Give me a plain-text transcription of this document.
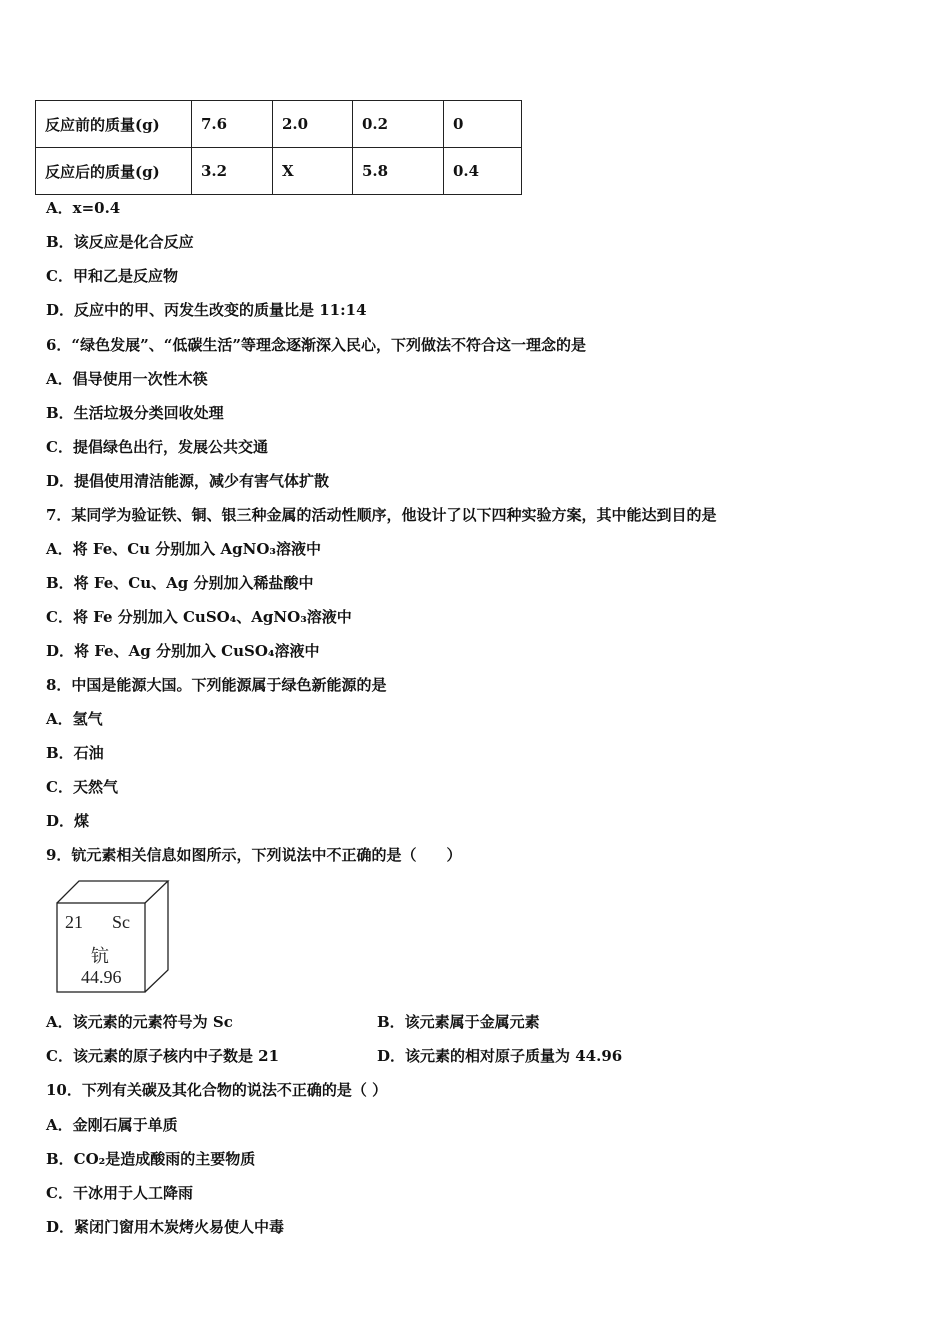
反应前的质量(g)	7.6	2.0	0.2	0
反应后的质量(g)	3.2	X	5.8	0.4
A．x=0.4
B．该反应是化合反应
C．甲和乙是反应物
D．反应中的甲、丙发生改变的质量比是 11:14
6．“绿色发展”、“低碳生活”等理念逐渐深入民心，下列做法不符合这一理念的是
A．倡导使用一次性木筷
B．生活垃圾分类回收处理
C．提倡绿色出行，发展公共交通
D．提倡使用清洁能源，减少有害气体扩散
7．某同学为验证铁、铜、银三种金属的活动性顺序，他设计了以下四种实验方案，其中能达到目的是
A．将 Fe、Cu 分别加入 AgNO₃溶液中
B．将 Fe、Cu、Ag 分别加入稀盐酸中
C．将 Fe 分别加入 CuSO₄、AgNO₃溶液中
D．将 Fe、Ag 分别加入 CuSO₄溶液中
8．中国是能源大国。下列能源属于绿色新能源的是
A．氢气
B．石油
C．天然气
D．煤
9．钪元素相关信息如图所示，下列说法中不正确的是（　　）
21 Sc
钪
44.96
A．该元素的元素符号为 Sc	B．该元素属于金属元素
C．该元素的原子核内中子数是 21	D．该元素的相对原子质量为 44.96
10．下列有关碳及其化合物的说法不正确的是（ ）
A．金刚石属于单质
B．CO₂是造成酸雨的主要物质
C．干冰用于人工降雨
D．紧闭门窗用木炭烤火易使人中毒
